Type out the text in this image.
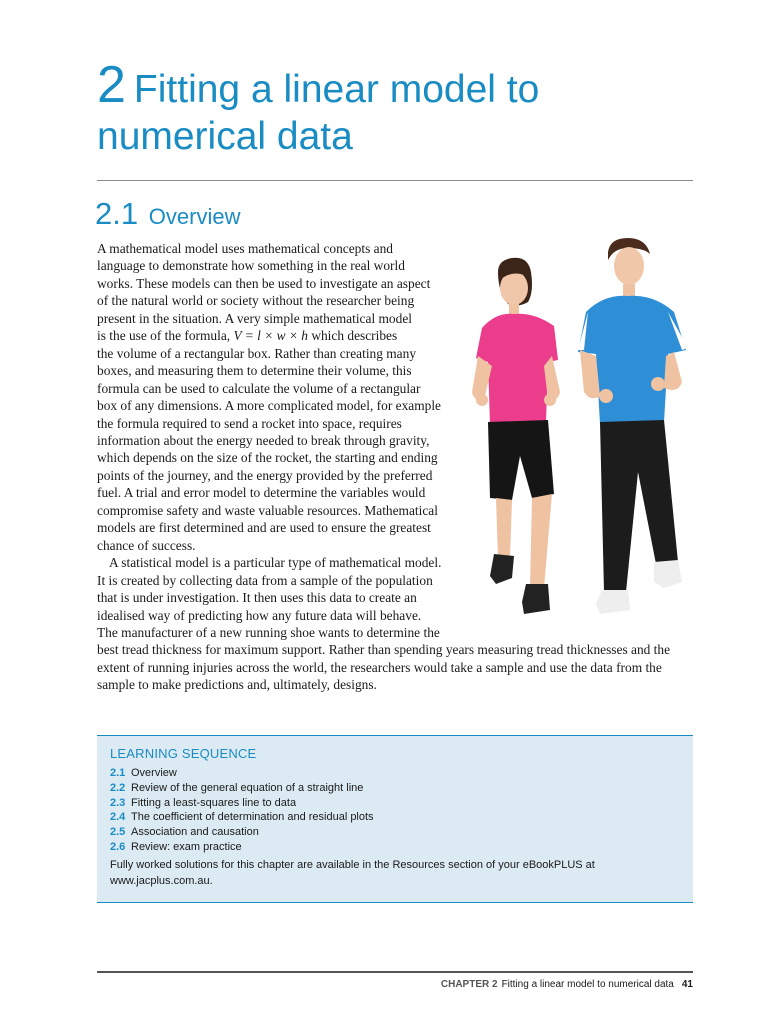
2 Fitting a linear model to
numerical data
2.1 Overview

A mathematical model uses mathematical concepts and
language to demonstrate how something in the real world
works. These models can then be used to investigate an aspect
of the natural world or society without the researcher being
present in the situation. A very simple mathematical model
is the use of the formula, V = l × w × h which describes
the volume of a rectangular box. Rather than creating many
boxes, and measuring them to determine their volume, this
formula can be used to calculate the volume of a rectangular
box of any dimensions. A more complicated model, for example
the formula required to send a rocket into space, requires
information about the energy needed to break through gravity,
which depends on the size of the rocket, the starting and ending
points of the journey, and the energy provided by the preferred
fuel. A trial and error model to determine the variables would
compromise safety and waste valuable resources. Mathematical
models are first determined and are used to ensure the greatest
chance of success.

A statistical model is a particular type of mathematical model.
It is created by collecting data from a sample of the population
that is under investigation. It then uses this data to create an
idealised way of predicting how any future data will behave.
The manufacturer of a new running shoe wants to determine the
best tread thickness for maximum support. Rather than spending years measuring tread thicknesses and the
extent of running injuries across the world, the researchers would take a sample and use the data from the
sample to make predictions and, ultimately, designs.

LEARNING SEQUENCE
2.1 Overview
2.2 Review of the general equation of a straight line
2.3 Fitting a least-squares line to data
2.4 The coefficient of determination and residual plots
2.5 Association and causation
2.6 Review: exam practice
Fully worked solutions for this chapter are available in the Resources section of your eBookPLUS at www.jacplus.com.au.
CHAPTER 2 Fitting a linear model to numerical data 41
